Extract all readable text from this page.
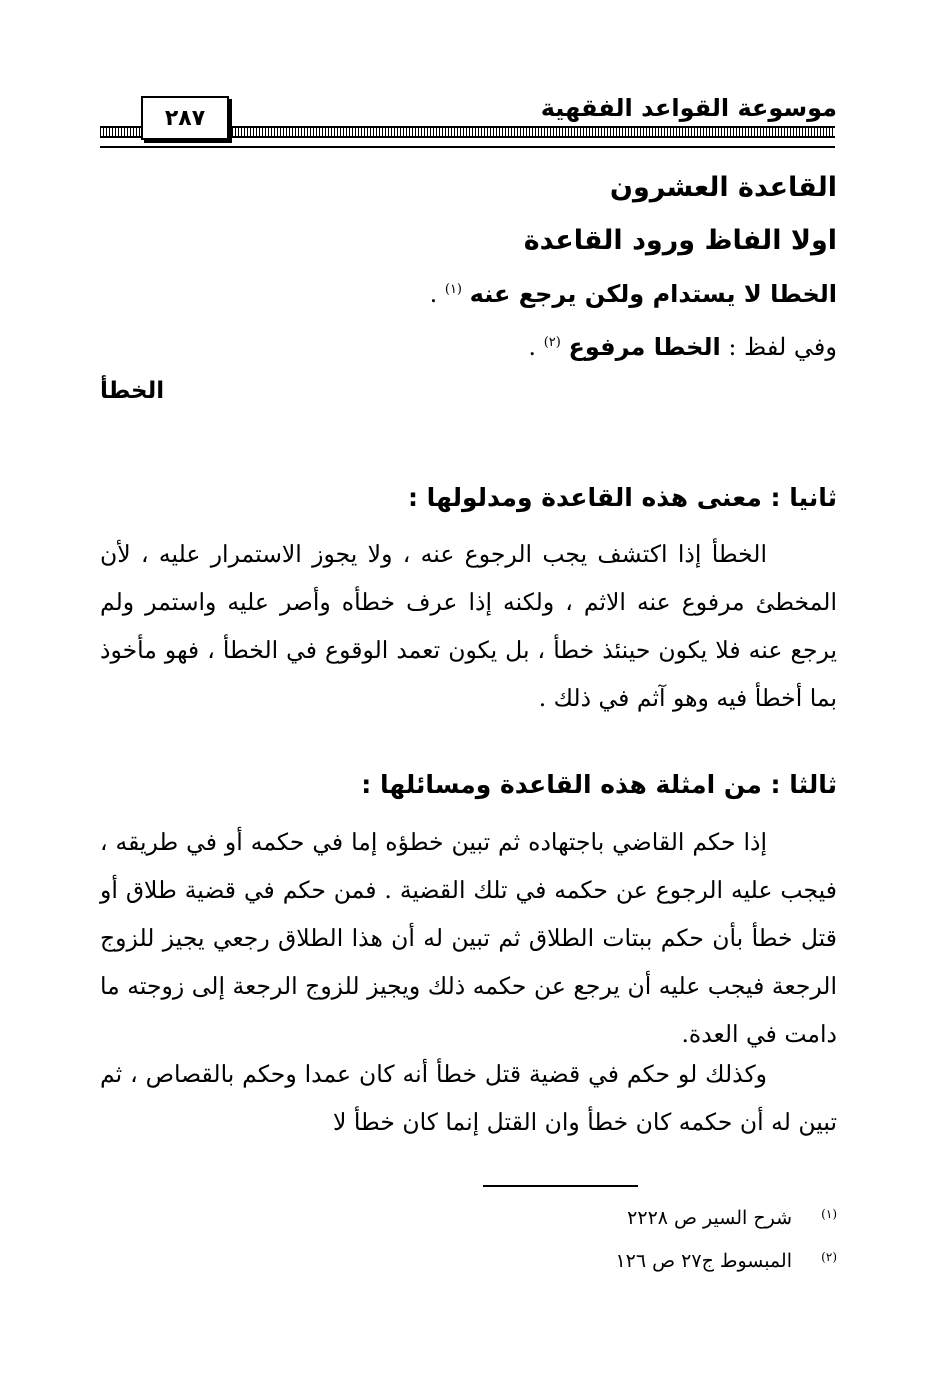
موسوعة القواعد الفقهية
٢٨٧
القاعدة العشرون
اولا الفاظ ورود القاعدة
الخطا لا يستدام ولكن يرجع عنه $^{(١)}$ .
وفي لفظ : الخطا مرفوع $^{(٢)}$ .
الخطأ
ثانيا : معنى هذه القاعدة ومدلولها :
الخطأ إذا اكتشف يجب الرجوع عنه ، ولا يجوز الاستمرار عليه ، لأن المخطئ مرفوع عنه الاثم ، ولكنه إذا عرف خطأه وأصر عليه واستمر ولم يرجع عنه فلا يكون حينئذ خطأ ، بل يكون تعمد الوقوع في الخطأ ، فهو مأخوذ بما أخطأ فيه وهو آثم في ذلك .
ثالثا : من امثلة هذه القاعدة ومسائلها :
إذا حكم القاضي باجتهاده ثم تبين خطؤه إما في حكمه أو في طريقه ، فيجب عليه الرجوع عن حكمه في تلك القضية . فمن حكم في قضية طلاق أو قتل خطأ بأن حكم ببتات الطلاق ثم تبين له أن هذا الطلاق رجعي يجيز للزوج الرجعة فيجب عليه أن يرجع عن حكمه ذلك ويجيز للزوج الرجعة إلى زوجته ما دامت في العدة.
وكذلك لو حكم في قضية قتل خطأ أنه كان عمدا وحكم بالقصاص ، ثم تبين له أن حكمه كان خطأ وان القتل إنما كان خطأ لا
(١)شرح السير ص ٢٢٢٨
(٢)المبسوط ج٢٧ ص ١٢٦
